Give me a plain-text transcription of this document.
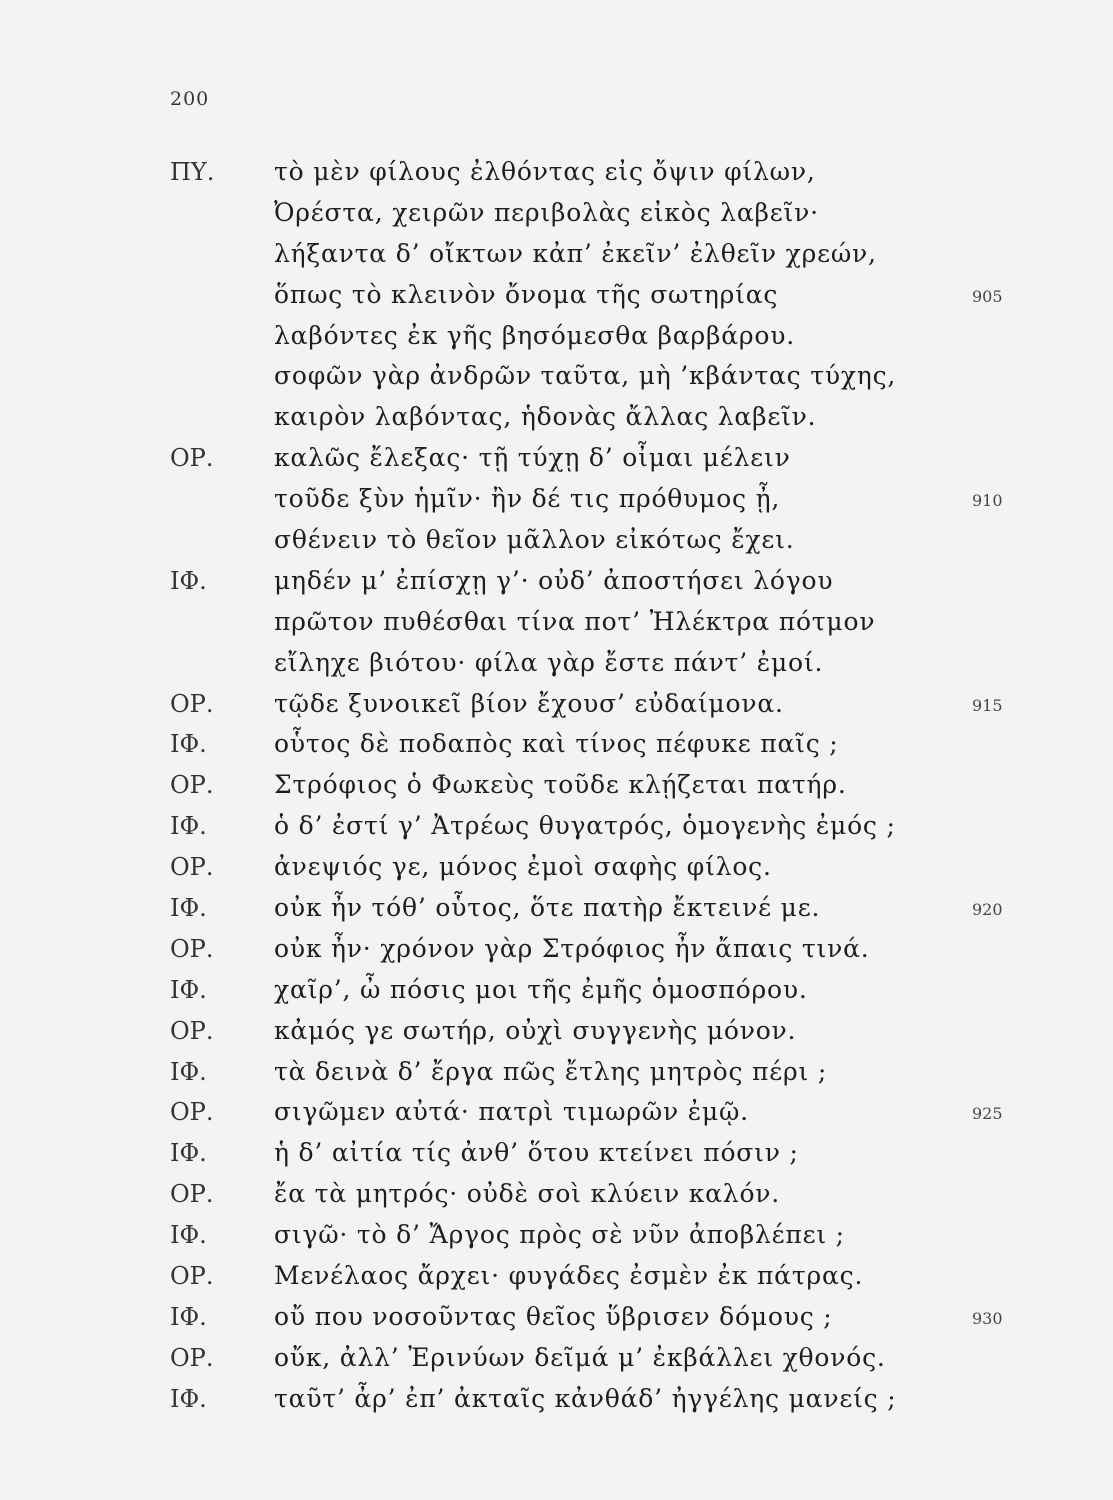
200
ΠΥ. τὸ μὲν φίλους ἐλθόντας εἰς ὄψιν φίλων,
Ὀρέστα, χειρῶν περιβολὰς εἰκὸς λαβεῖν·
λήξαντα δ’ οἴκτων κἀπ’ ἐκεῖν’ ἐλθεῖν χρεών,
ὅπως τὸ κλεινὸν ὄνομα τῆς σωτηρίας	905
λαβόντες ἐκ γῆς βησόμεσθα βαρβάρου.
σοφῶν γὰρ ἀνδρῶν ταῦτα, μὴ ’κβάντας τύχης,
καιρὸν λαβόντας, ἡδονὰς ἄλλας λαβεῖν.
ΟΡ. καλῶς ἔλεξας· τῇ τύχῃ δ’ οἶμαι μέλειν
τοῦδε ξὺν ἡμῖν· ἢν δέ τις πρόθυμος ᾖ,	910
σθένειν τὸ θεῖον μᾶλλον εἰκότως ἔχει.
ΙΦ.	μηδέν μ’ ἐπίσχῃ γ’· οὐδ’ ἀποστήσει λόγου
πρῶτον πυθέσθαι τίνα ποτ’ Ἠλέκτρα πότμον
εἴληχε βιότου· φίλα γὰρ ἔστε πάντ’ ἐμοί.
ΟΡ. τῷδε ξυνοικεῖ βίον ἔχουσ’ εὐδαίμονα.	915
ΙΦ.	οὗτος δὲ ποδαπὸς καὶ τίνος πέφυκε παῖς ;
ΟΡ. Στρόφιος ὁ Φωκεὺς τοῦδε κλῄζεται πατήρ.
ΙΦ.	ὁ δ’ ἐστί γ’ Ἀτρέως θυγατρός, ὁμογενὴς ἐμός ;
ΟΡ. ἀνεψιός γε, μόνος ἐμοὶ σαφὴς φίλος.
ΙΦ.	οὐκ ἦν τόθ’ οὗτος, ὅτε πατὴρ ἔκτεινέ με.	920
ΟΡ. οὐκ ἦν· χρόνον γὰρ Στρόφιος ἦν ἄπαις τινά.
ΙΦ.	χαῖρ’, ὦ πόσις μοι τῆς ἐμῆς ὁμοσπόρου.
ΟΡ. κἀμός γε σωτήρ, οὐχὶ συγγενὴς μόνον.
ΙΦ.	τὰ δεινὰ δ’ ἔργα πῶς ἔτλης μητρὸς πέρι ;
ΟΡ. σιγῶμεν αὐτά· πατρὶ τιμωρῶν ἐμῷ.	925
ΙΦ.	ἡ δ’ αἰτία τίς ἀνθ’ ὅτου κτείνει πόσιν ;
ΟΡ. ἔα τὰ μητρός· οὐδὲ σοὶ κλύειν καλόν.
ΙΦ.	σιγῶ· τὸ δ’ Ἄργος πρὸς σὲ νῦν ἀποβλέπει ;
ΟΡ. Μενέλαος ἄρχει· φυγάδες ἐσμὲν ἐκ πάτρας.
ΙΦ.	οὔ που νοσοῦντας θεῖος ὕβρισεν δόμους ;	930
ΟΡ. οὔκ, ἀλλ’ Ἐρινύων δεῖμά μ’ ἐκβάλλει χθονός.
ΙΦ.	ταῦτ’ ἆρ’ ἐπ’ ἀκταῖς κἀνθάδ’ ἠγγέλης μανείς ;
